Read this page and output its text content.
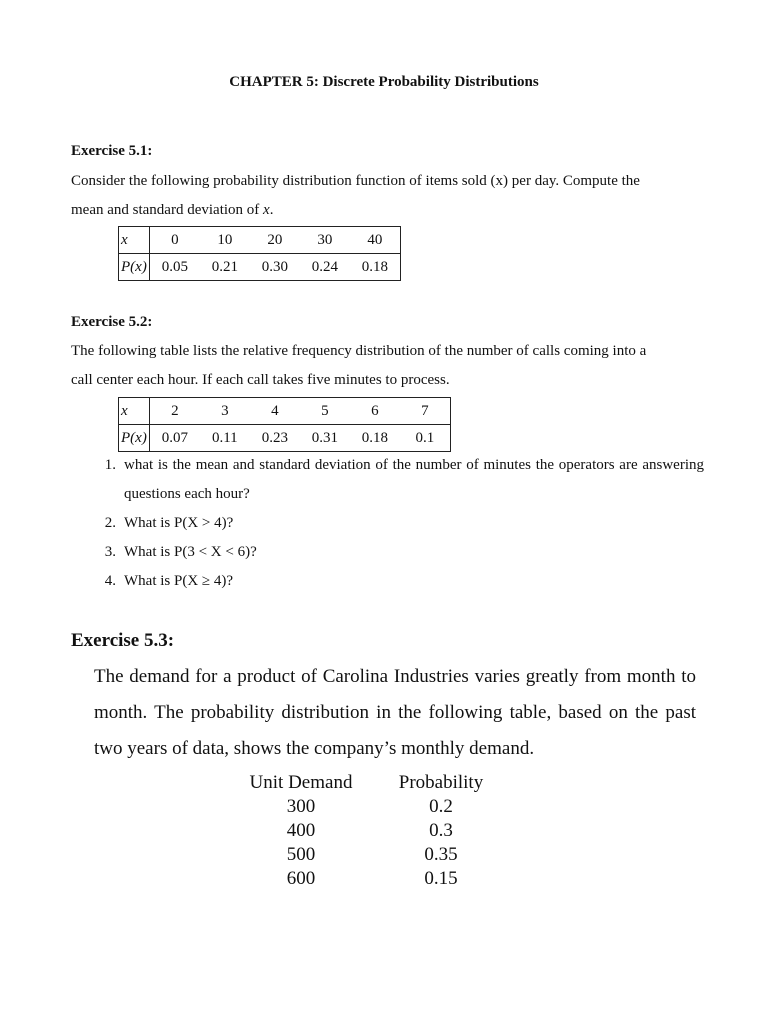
CHAPTER 5: Discrete Probability Distributions
Exercise 5.1:
Consider the following probability distribution function of items sold (x) per day. Compute the
mean and standard deviation of x.
x	0	10	20	30	40
P(x)	0.05	0.21	0.30	0.24	0.18
Exercise 5.2:
The following table lists the relative frequency distribution of the number of calls coming into a
call center each hour. If each call takes five minutes to process.
x	2	3	4	5	6	7
P(x)	0.07	0.11	0.23	0.31	0.18	0.1
1. what is the mean and standard deviation of the number of minutes the operators are answering questions each hour?
2. What is P(X > 4)?
3. What is P(3 < X < 6)?
4. What is P(X ≥ 4)?
Exercise 5.3:
The demand for a product of Carolina Industries varies greatly from month to month. The probability distribution in the following table, based on the past two years of data, shows the company’s monthly demand.
Unit Demand	Probability
300	0.2
400	0.3
500	0.35
600	0.15
